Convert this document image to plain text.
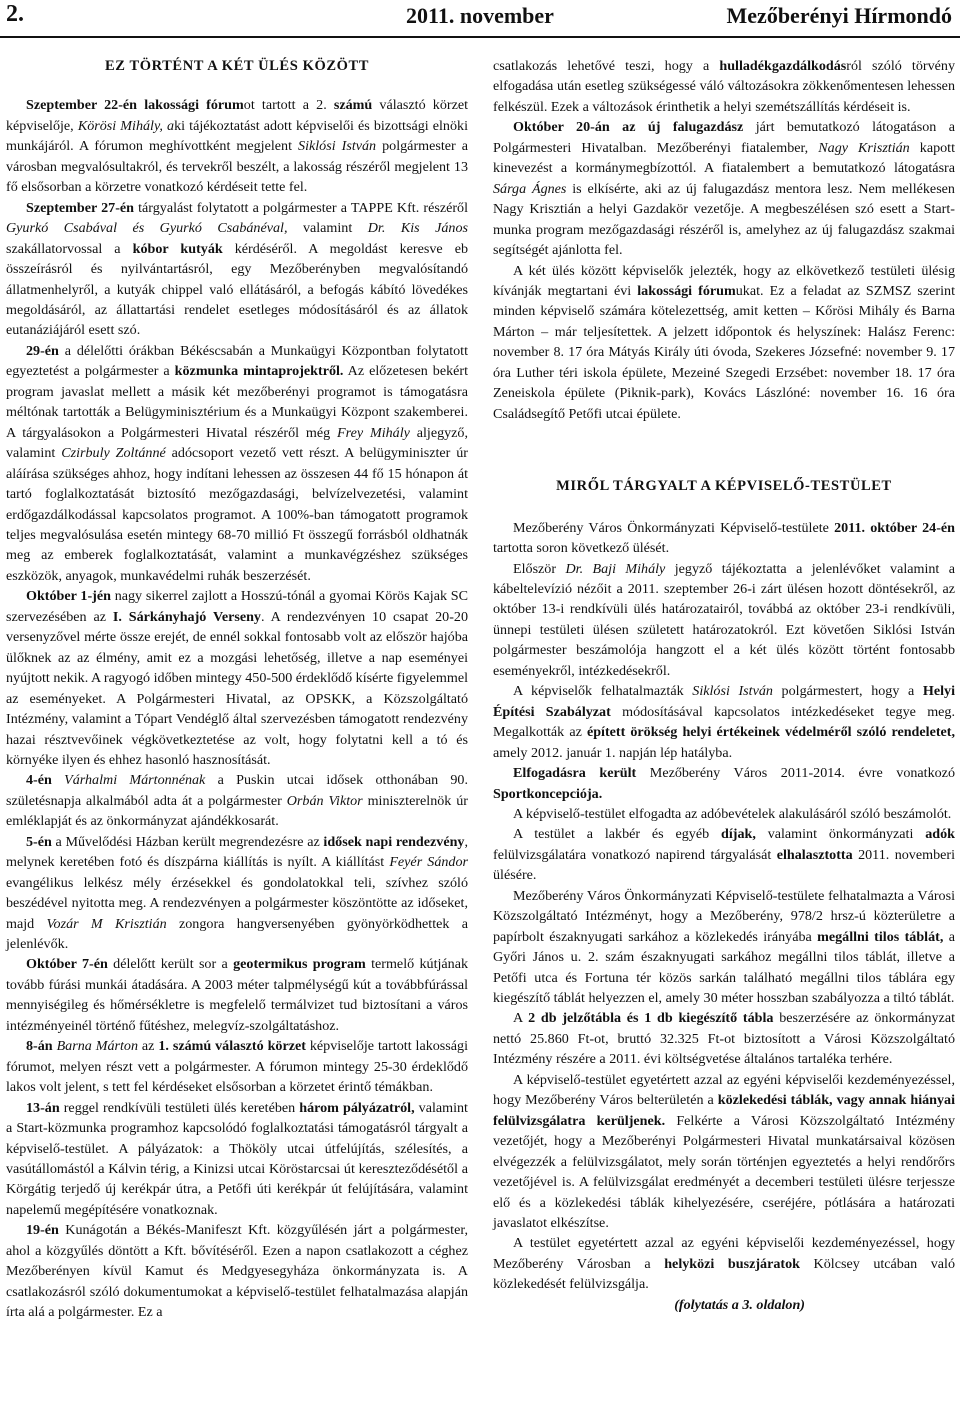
2011. november
2.	Mezőberényi Hírmondó
EZ TÖRTÉNT A KÉT ÜLÉS KÖZÖTT

Szeptember 22-én lakossági fórumot tartott a 2. számú választó körzet képviselője, Körösi Mihály, aki tájékoztatást adott képviselői és bizottsági elnöki munkájáról. A fórumon meghívottként megjelent Siklósi István polgármester a városban megvalósultakról, és tervekről beszélt, a lakosság részéről megjelent 13 fő elsősorban a körzetre vonatkozó kérdéseit tette fel.

Szeptember 27-én tárgyalást folytatott a polgármester a TAPPE Kft. részéről Gyurkó Csabával és Gyurkó Csabánéval, valamint Dr. Kis János szakállatorvossal a kóbor kutyák kérdéséről. A megoldást keresve eb összeírásról és nyilvántartásról, egy Mezőberényben megvalósítandó állatmenhelyről, a kutyák chippel való ellátásáról, a befogás kábító lövedékes megoldásáról, az állattartási rendelet esetleges módosításáról és az állatok eutanáziájáról esett szó.

29-én a délelőtti órákban Békéscsabán a Munkaügyi Központban folytatott egyeztetést a polgármester a közmunka mintaprojektről. Az előzetesen bekért program javaslat mellett a másik két mezőberényi programot is támogatásra méltónak tartották a Belügyminisztérium és a Munkaügyi Központ szakemberei. A tárgyalásokon a Polgármesteri Hivatal részéről még Frey Mihály aljegyző, valamint Czirbuly Zoltánné adócsoport vezető vett részt. A belügyminiszter úr aláírása szükséges ahhoz, hogy indítani lehessen az összesen 44 fő 15 hónapon át tartó foglalkoztatását biztosító mezőgazdasági, belvízelvezetési, valamint erdőgazdálkodással kapcsolatos programot. A 100%-ban támogatott programok teljes megvalósulása esetén mintegy 68-70 millió Ft összegű forrásból oldhatnák meg az emberek foglalkoztatását, valamint a munkavégzéshez szükséges eszközök, anyagok, munkavédelmi ruhák beszerzését.

Október 1-jén nagy sikerrel zajlott a Hosszú-tónál a gyomai Körös Kajak SC szervezésében az I. Sárkányhajó Verseny. A rendezvényen 10 csapat 20-20 versenyzővel mérte össze erejét, de ennél sokkal fontosabb volt az először hajóba ülőknek az az élmény, amit ez a mozgási lehetőség, illetve a nap eseményei nyújtott nekik. A ragyogó időben mintegy 450-500 érdeklődő kísérte figyelemmel az eseményeket. A Polgármesteri Hivatal, az OPSKK, a Közszolgáltató Intézmény, valamint a Tópart Vendéglő által szervezésben támogatott rendezvény hazai résztvevőinek végkövetkeztetése az volt, hogy folytatni kell a tó és környéke ilyen és ehhez hasonló hasznosítását.

4-én Várhalmi Mártonnénak a Puskin utcai idősek otthonában 90. születésnapja alkalmából adta át a polgármester Orbán Viktor miniszterelnök úr emléklapját és az önkormányzat ajándékkosarát.

5-én a Művelődési Házban került megrendezésre az idősek napi rendezvény, melynek keretében fotó és díszpárna kiállítás is nyílt. A kiállítást Feyér Sándor evangélikus lelkész mély érzésekkel és gondolatokkal teli, szívhez szóló beszédével nyitotta meg. A rendezvényen a polgármester köszöntötte az időseket, majd Vozár M Krisztián zongora hangversenyében gyönyörködhettek a jelenlévők.

Október 7-én délelőtt került sor a geotermikus program termelő kútjának tovább fúrási munkái átadására. A 2003 méter talpmélységű kút a továbbfúrással mennyiségileg és hőmérsékletre is megfelelő termálvizet tud biztosítani a város intézményeinél történő fűtéshez, melegvíz-szolgáltatáshoz.

8-án Barna Márton az 1. számú választó körzet képviselője tartott lakossági fórumot, melyen részt vett a polgármester. A fórumon mintegy 25-30 érdeklődő lakos volt jelent, s tett fel kérdéseket elsősorban a körzetet érintő témákban.

13-án reggel rendkívüli testületi ülés keretében három pályázatról, valamint a Start-közmunka programhoz kapcsolódó foglalkoztatási támogatásról tárgyalt a képviselő-testület. A pályázatok: a Thököly utcai útfelújítás, szélesítés, a vasútállomástól a Kálvin térig, a Kinizsi utcai Köröstarcsai út kereszteződésétől a Körgátig terjedő új kerékpár útra, a Petőfi úti kerékpár út felújítására, valamint napelemű megépítésére vonatkoznak.

19-én Kunágotán a Békés-Manifeszt Kft. közgyűlésén járt a polgármester, ahol a közgyűlés döntött a Kft. bővítéséről. Ezen a napon csatlakozott a céghez Mezőberényen kívül Kamut és Medgyesegyháza önkormányzata is. A csatlakozásról szóló dokumentumokat a képviselő-testület felhatalmazása alapján írta alá a polgármester. Ez a

csatlakozás lehetővé teszi, hogy a hulladékgazdálkodásról szóló törvény elfogadása után esetleg szükségessé váló változásokra zökkenőmentesen lehessen felkészül. Ezek a változások érinthetik a helyi szemétszállítás kérdéseit is.

Október 20-án az új falugazdász járt bemutatkozó látogatáson a Polgármesteri Hivatalban. Mezőberényi fiatalember, Nagy Krisztián kapott kinevezést a kormánymegbízottól. A fiatalembert a bemutatkozó látogatásra Sárga Ágnes is elkísérte, aki az új falugazdász mentora lesz. Nem mellékesen Nagy Krisztián a helyi Gazdakör vezetője. A megbeszélésen szó esett a Start-munka program mezőgazdasági részéről is, amelyhez az új falugazdász szakmai segítségét ajánlotta fel.

A két ülés között képviselők jelezték, hogy az elkövetkező testületi ülésig kívánják megtartani évi lakossági fórumukat. Ez a feladat az SZMSZ szerint minden képviselő számára kötelezettség, amit ketten – Kőrösi Mihály és Barna Márton – már teljesítettek. A jelzett időpontok és helyszínek: Halász Ferenc: november 8. 17 óra Mátyás Király úti óvoda, Szekeres Józsefné: november 9. 17 óra Luther téri iskola épülete, Mezeiné Szegedi Erzsébet: november 18. 17 óra Zeneiskola épülete (Piknik-park), Kovács Lászlóné: november 16. 16 óra Családsegítő Petőfi utcai épülete.

MIRŐL TÁRGYALT A KÉPVISELŐ-TESTÜLET

Mezőberény Város Önkormányzati Képviselő-testülete 2011. október 24-én tartotta soron következő ülését.

Először Dr. Baji Mihály jegyző tájékoztatta a jelenlévőket valamint a kábeltelevízió nézőit a 2011. szeptember 26-i zárt ülésen hozott döntésekről, az október 13-i rendkívüli ülés határozatairól, továbbá az október 23-i rendkívüli, ünnepi testületi ülésen született határozatokról. Ezt követően Siklósi István polgármester beszámolója hangzott el a két ülés között történt fontosabb eseményekről, intézkedésekről.

A képviselők felhatalmazták Siklósi István polgármestert, hogy a Helyi Építési Szabályzat módosításával kapcsolatos intézkedéseket tegye meg. Megalkották az épített örökség helyi értékeinek védelméről szóló rendeletet, amely 2012. január 1. napján lép hatályba.

Elfogadásra került Mezőberény Város 2011-2014. évre vonatkozó Sportkoncepciója.

A képviselő-testület elfogadta az adóbevételek alakulásáról szóló beszámolót.

A testület a lakbér és egyéb díjak, valamint önkormányzati adók felülvizsgálatára vonatkozó napirend tárgyalását elhalasztotta 2011. novemberi ülésére.

Mezőberény Város Önkormányzati Képviselő-testülete felhatalmazta a Városi Közszolgáltató Intézményt, hogy a Mezőberény, 978/2 hrsz-ú közterületre a papírbolt északnyugati sarkához a közlekedés irányába megállni tilos táblát, a Győri János u. 2. szám északnyugati sarkához megállni tilos táblát, illetve a Petőfi utca és Fortuna tér közös sarkán található megállni tilos táblára egy kiegészítő táblát helyezzen el, amely 30 méter hosszban szabályozza a tiltó táblát.

A 2 db jelzőtábla és 1 db kiegészítő tábla beszerzésére az önkormányzat nettó 25.860 Ft-ot, bruttó 32.325 Ft-ot biztosított a Városi Közszolgáltató Intézmény részére a 2011. évi költségvetése általános tartaléka terhére.

A képviselő-testület egyetértett azzal az egyéni képviselői kezdeményezéssel, hogy Mezőberény Város belterületén a közlekedési táblák, vagy annak hiányai felülvizsgálatra kerüljenek. Felkérte a Városi Közszolgáltató Intézmény vezetőjét, hogy a Mezőberényi Polgármesteri Hivatal munkatársaival közösen elvégezzék a felülvizsgálatot, mely során történjen egyeztetés a helyi rendőrőrs vezetőjével is. A felülvizsgálat eredményét a decemberi testületi ülésre terjessze elő és a közlekedési táblák kihelyezésére, cseréjére, pótlására a határozati javaslatot elkészítse.

A testület egyetértett azzal az egyéni képviselői kezdeményezéssel, hogy Mezőberény Városban a helyközi buszjáratok Kölcsey utcában való közlekedését felülvizsgálja.

(folytatás a 3. oldalon)
